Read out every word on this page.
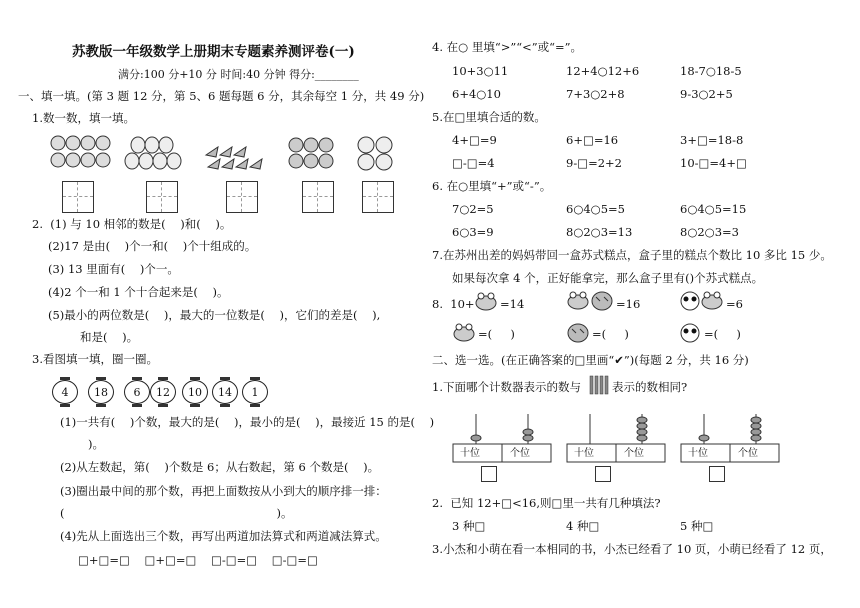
苏教版一年级数学上册期末专题素养测评卷(一)
满分:100 分+10 分 时间:40 分钟 得分:________
一、填一填。(第 3 题 12 分，第 5、6 题每题 6 分，其余每空 1 分，共 49 分)
1.数一数，填一填。
2.  (1) 与 10 相邻的数是(    )和(    )。
(2)17 是由(    )个一和(    )个十组成的。
(3) 13 里面有(    )个一。
(4)2 个一和 1 个十合起来是(    )。
(5)最小的两位数是(    )，最大的一位数是(    )，它们的差是(    ),
和是(    )。
3.看图填一填，圈一圈。
4	18	6	12	10	14	1
(1)一共有(    )个数，最大的是(    )，最小的是(    )，最接近 15 的是(    )
)。
(2)从左数起，第(    )个数是 6；从右数起，第 6 个数是(    )。
(3)圈出最中间的那个数，再把上面数按从小到大的顺序排一排：
(                                                          )。
(4)先从上面选出三个数，再写出两道加法算式和两道减法算式。
□+□=□    □+□=□    □-□=□    □-□=□
4. 在○ 里填“>”“<”或“=”。
10+3○11	12+4○12+6	18-7○18-5
6+4○10	7+3○2+8	9-3○2+5
5.在□里填合适的数。
4+□=9	6+□=16	3+□=18-8
□-□=4	9-□=2+2	10-□=4+□
6. 在○里填“+”或“-”。
7○2=5	6○4○5=5	6○4○5=15
6○3=9	8○2○3=13	8○2○3=3
7.在苏州出差的妈妈带回一盒苏式糕点，盒子里的糕点个数比 10 多比 15 少。
如果每次拿 4 个，正好能拿完，那么盒子里有()个苏式糕点。
8.  10+ =14	=16	=6
=(     )	=(     )	=(     )
二、选一选。(在正确答案的□里画“✔”)(每题 2 分，共 16 分)
1.下面哪个计数器表示的数与	表示的数相同?
十位	个位	十位	个位	十位	个位
2.  已知 12+□<16,则□里一共有几种填法?
3 种□	4 种□	5 种□
3.小杰和小萌在看一本相同的书，小杰已经看了 10 页，小萌已经看了 12 页，
